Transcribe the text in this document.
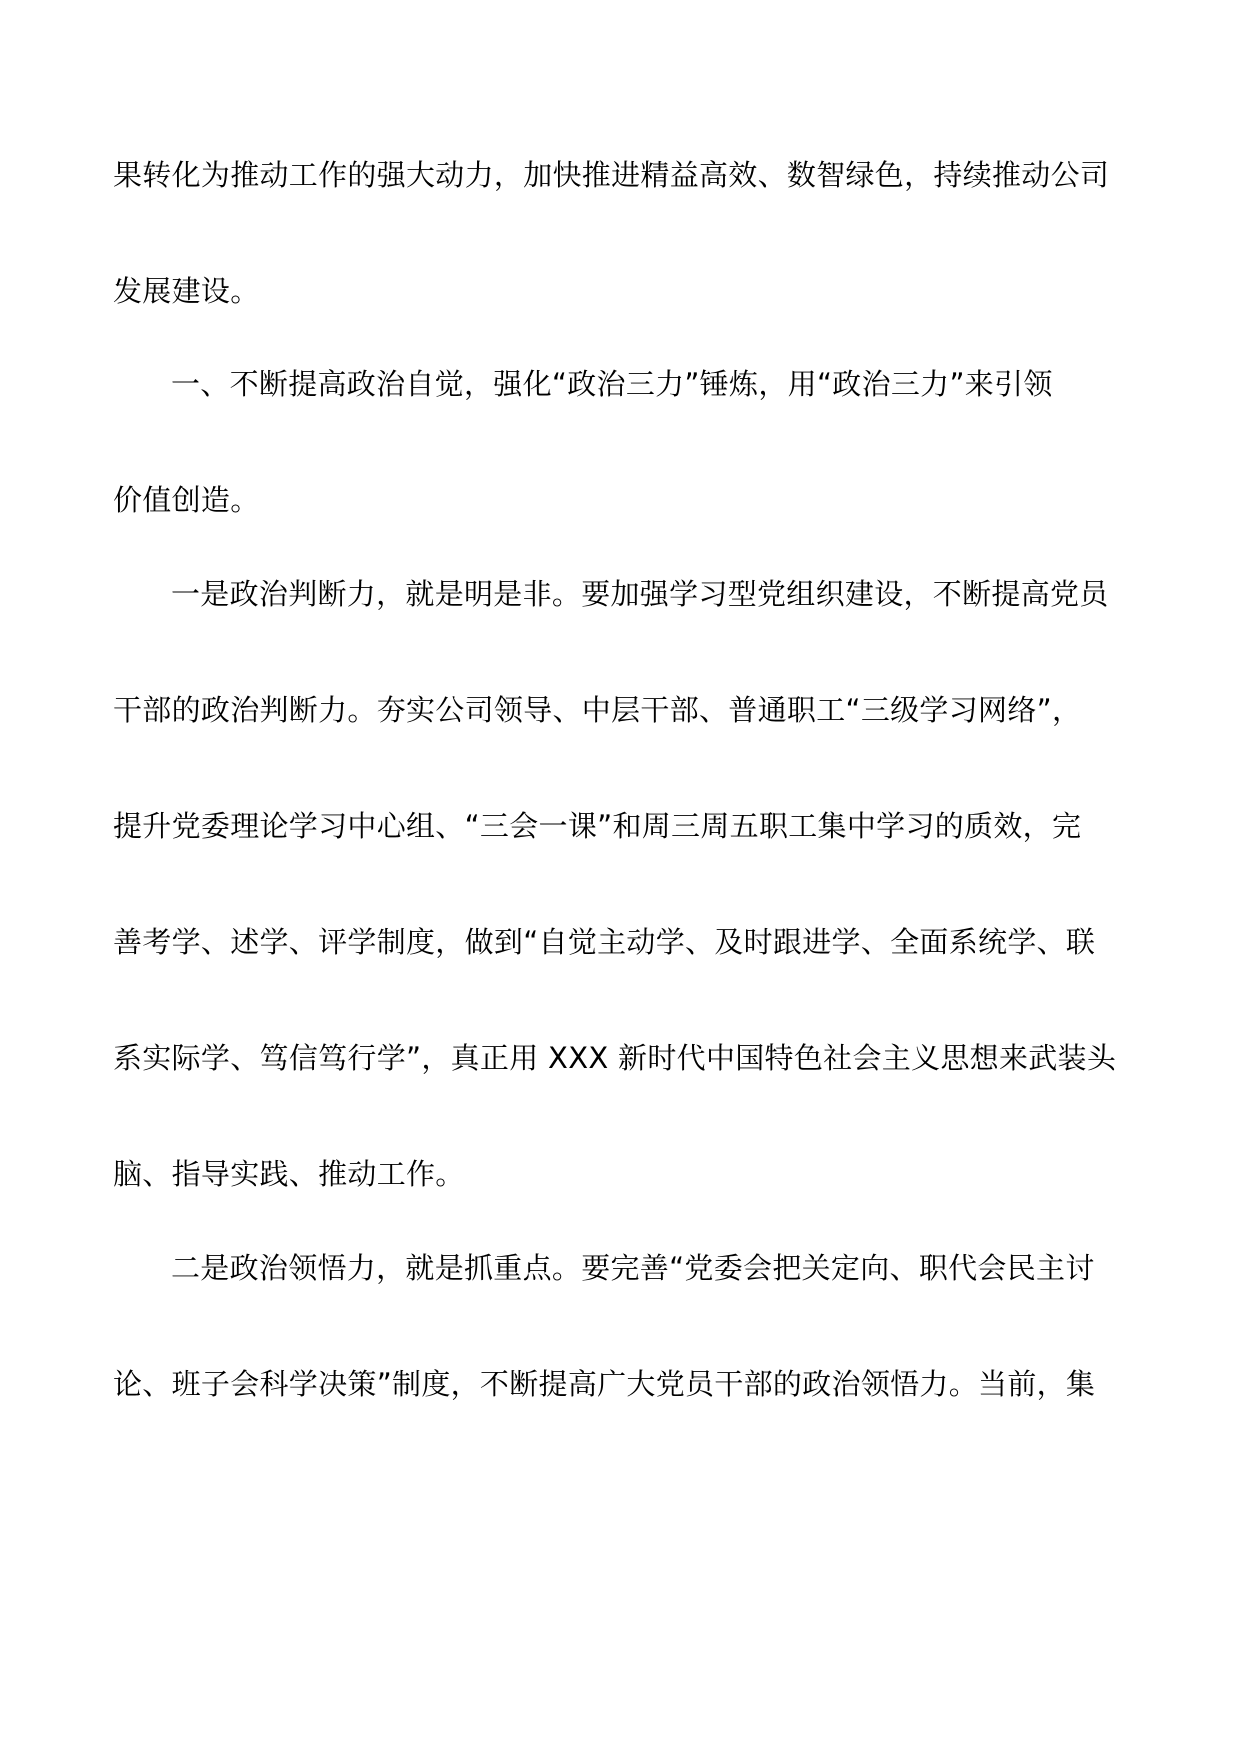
果转化为推动工作的强大动力，加快推进精益高效、数智绿色，持续推动公司
发展建设。
一、不断提高政治自觉，强化“政治三力”锤炼，用“政治三力”来引领
价值创造。
一是政治判断力，就是明是非。要加强学习型党组织建设，不断提高党员
干部的政治判断力。夯实公司领导、中层干部、普通职工“三级学习网络”，
提升党委理论学习中心组、“三会一课”和周三周五职工集中学习的质效，完
善考学、述学、评学制度，做到“自觉主动学、及时跟进学、全面系统学、联
系实际学、笃信笃行学”，真正用 XXX 新时代中国特色社会主义思想来武装头
脑、指导实践、推动工作。
二是政治领悟力，就是抓重点。要完善“党委会把关定向、职代会民主讨
论、班子会科学决策”制度，不断提高广大党员干部的政治领悟力。当前，集
